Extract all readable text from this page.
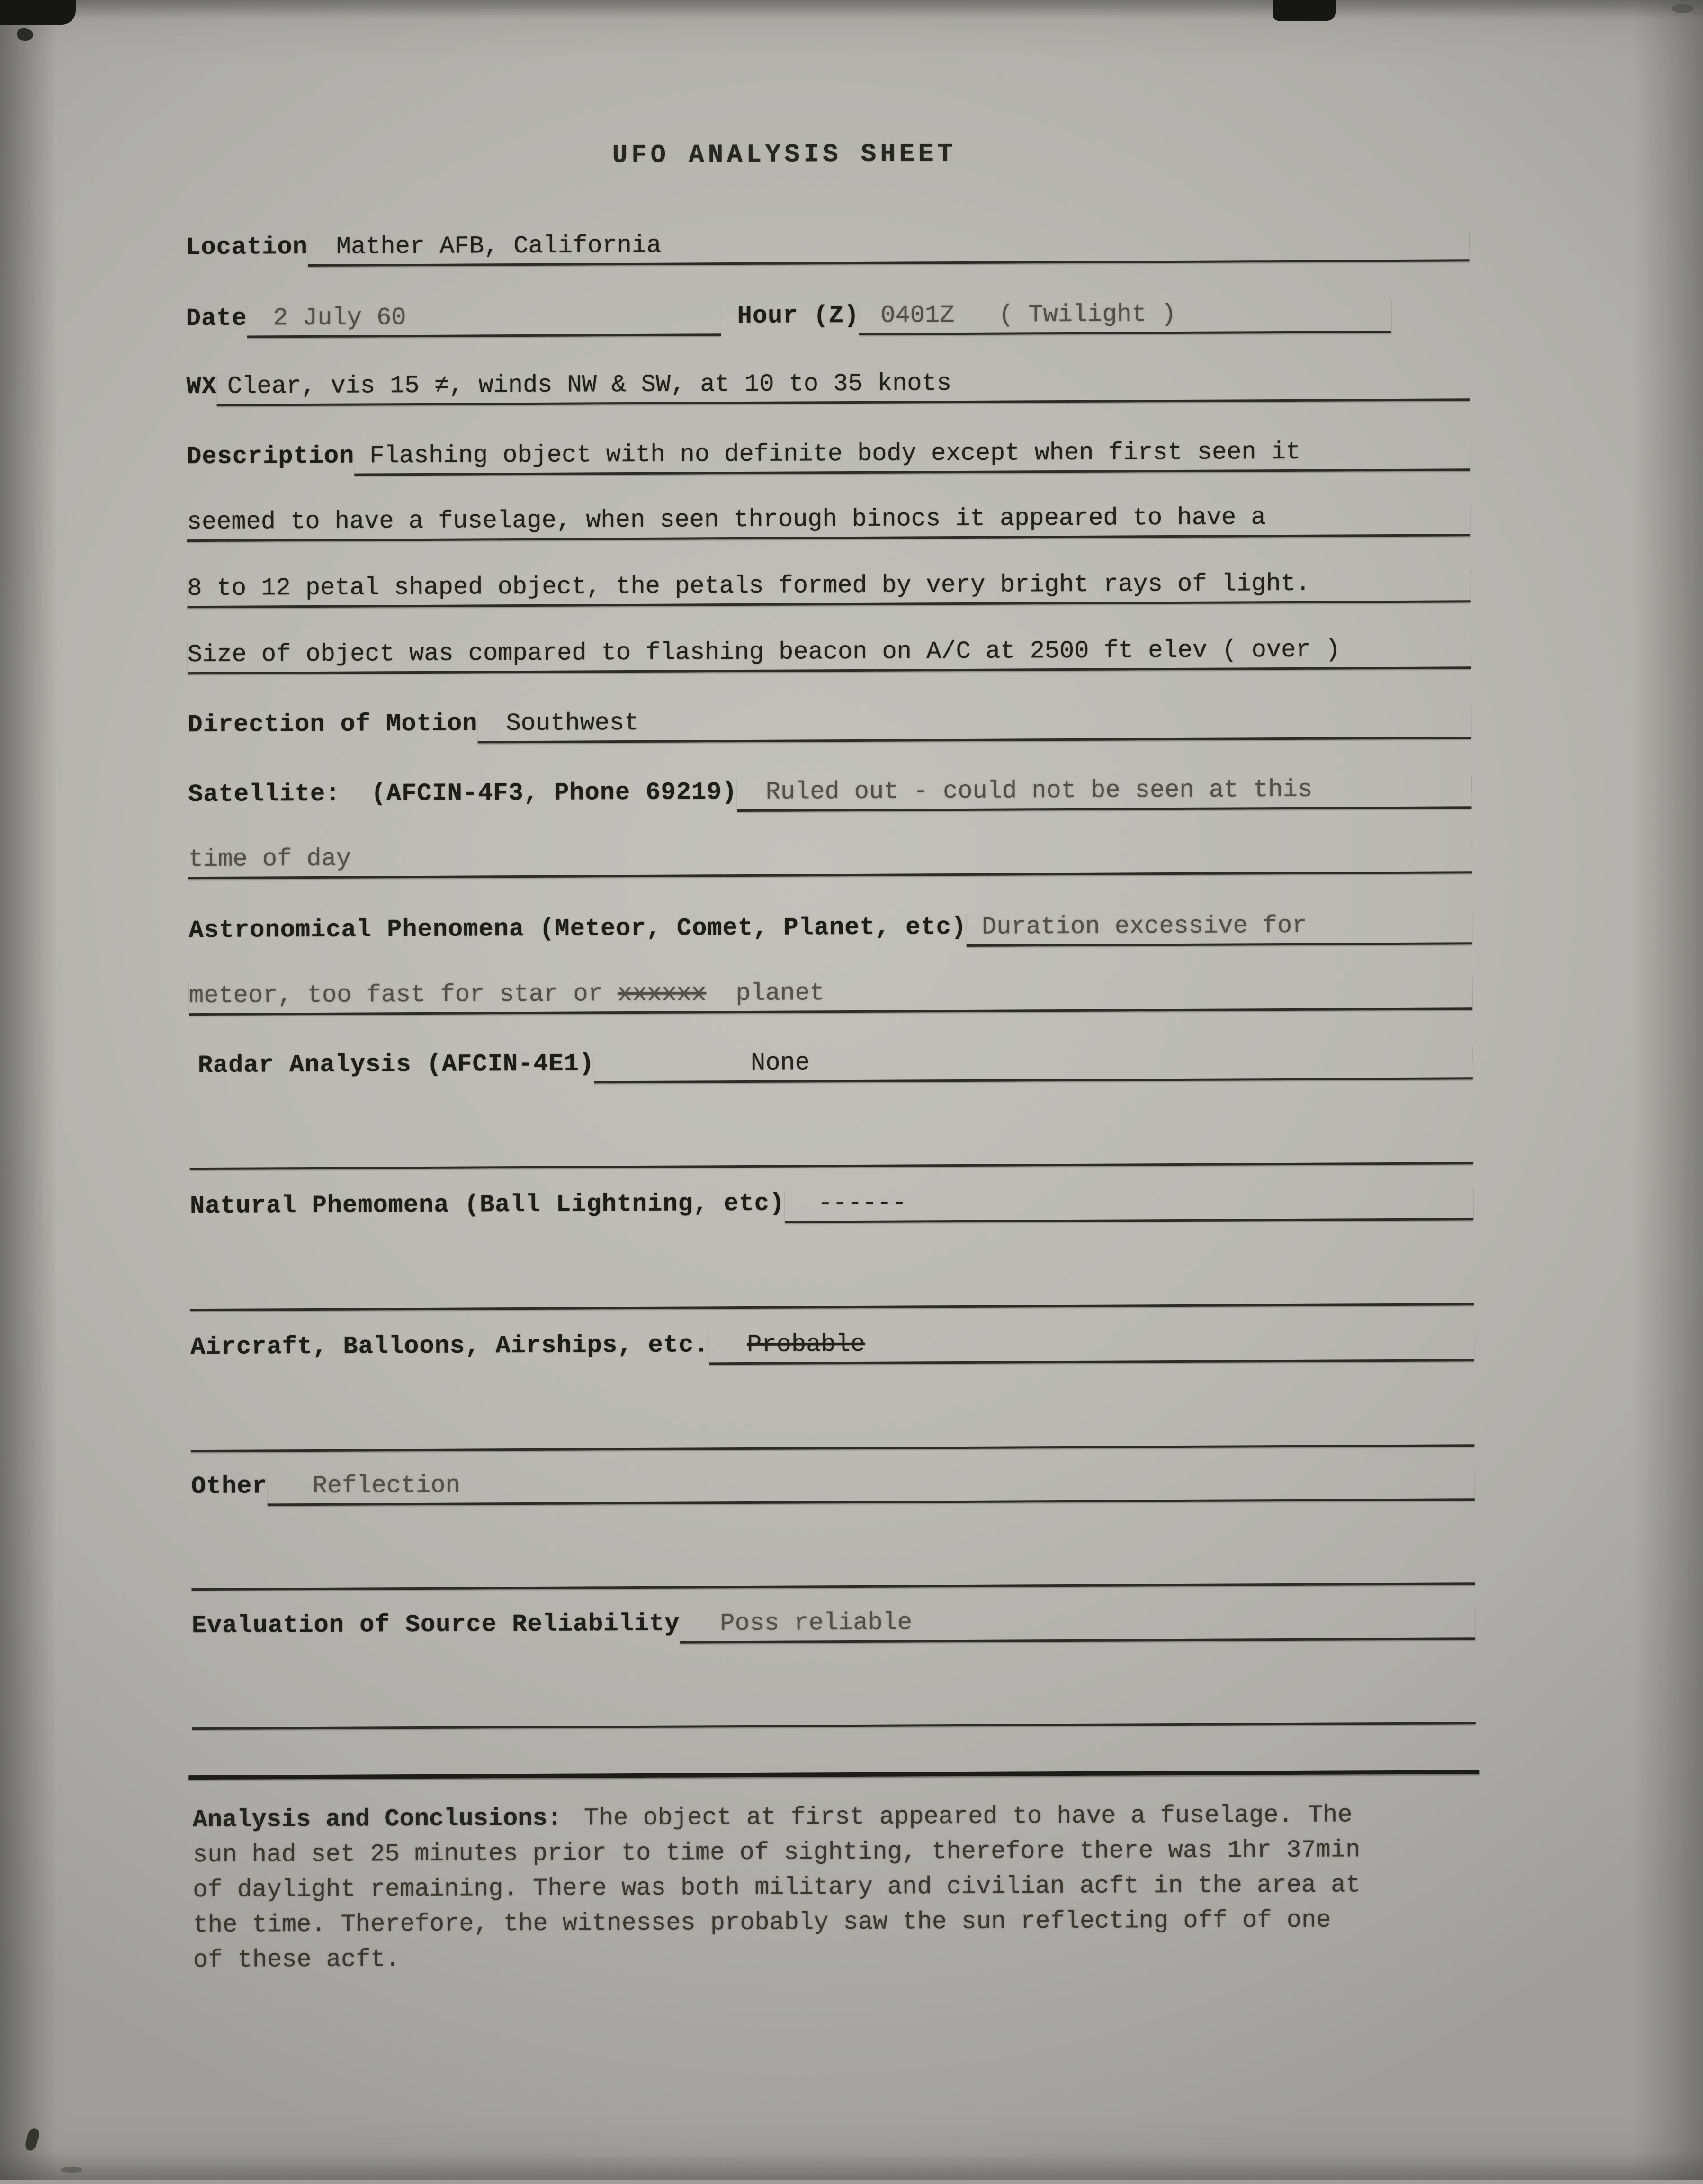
UFO ANALYSIS SHEET
Location	Mather AFB, California
Date	2 July 60	Hour (Z) 0401Z   ( Twilight )
WX Clear, vis 15 ≠, winds NW & SW, at 10 to 35 knots
Description Flashing object with no definite body except when first seen it
seemed to have a fuselage, when seen through binocs it appeared to have a
8 to 12 petal shaped object, the petals formed by very bright rays of light.
Size of object was compared to flashing beacon on A/C at 2500 ft elev ( over )
Direction of Motion	Southwest
Satellite:  (AFCIN-4F3, Phone 69219)	Ruled out - could not be seen at this
time of day
Astronomical Phenomena (Meteor, Comet, Planet, etc) Duration excessive for
meteor, too fast for star or xxxxxx  planet
Radar Analysis (AFCIN-4E1)	None
Natural Phemomena (Ball Lightning, etc)	------
Aircraft, Balloons, Airships, etc.	Probable
Other	Reflection
Evaluation of Source Reliability	Poss reliable
Analysis and Conclusions: The object at first appeared to have a fuselage. The sun had set 25 minutes prior to time of sighting, therefore there was 1hr 37min of daylight remaining. There was both military and civilian acft in the area at the time. Therefore, the witnesses probably saw the sun reflecting off of one of these acft.
